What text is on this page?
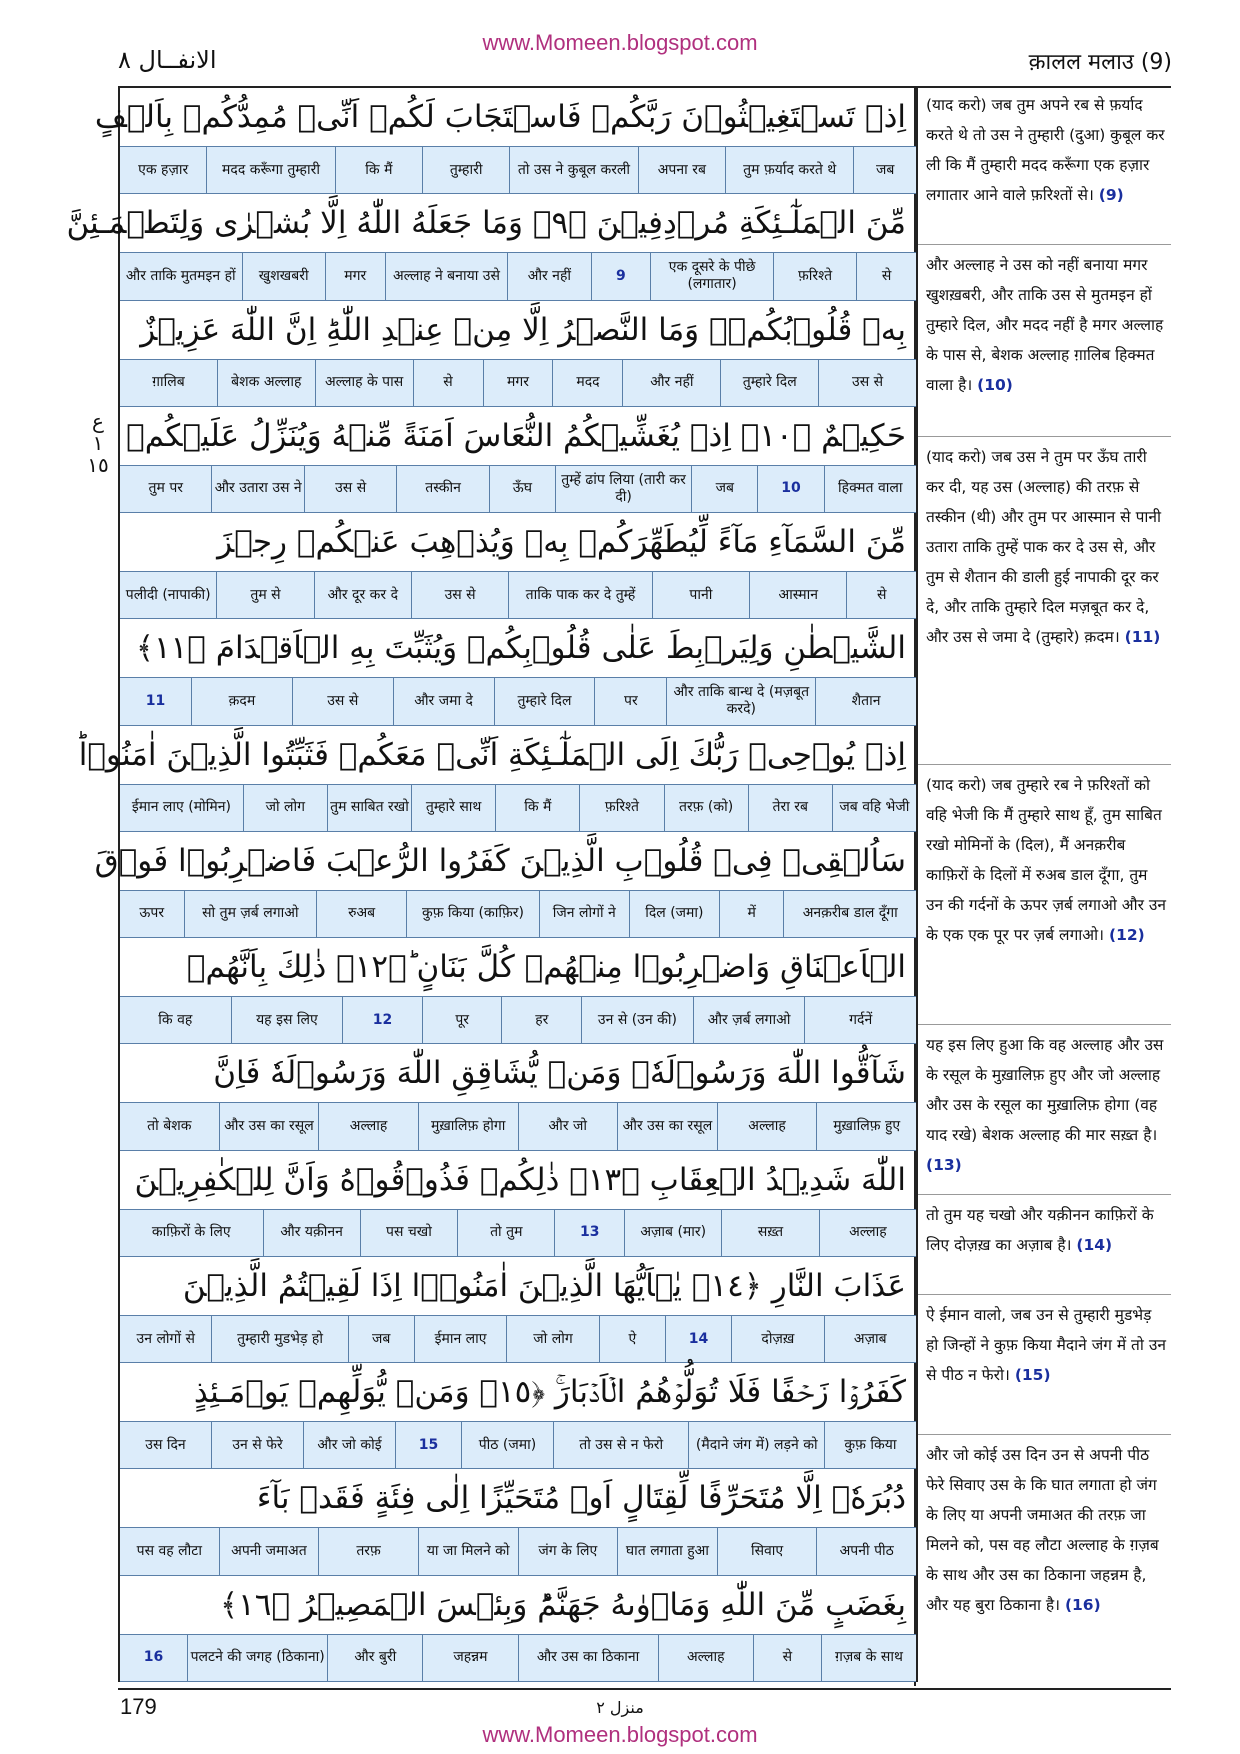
www.Momeen.blogspot.com
الانفــال ٨	क़ालल मलाउ (9)
ع ١ ١٥
اِذۡ تَسۡتَغِيۡثُوۡنَ رَبَّكُمۡ فَاسۡتَجَابَ لَكُمۡ اَنِّىۡ مُمِدُّكُمۡ بِاَلۡفٍ
जब
तुम फ़र्याद करते थे
अपना रब
तो उस ने कुबूल करली
तुम्हारी
कि मैं
मदद करूँगा तुम्हारी
एक हज़ार
مِّنَ الۡمَلٰٓـئِكَةِ مُرۡدِفِيۡنَ ﴿٩﴾ وَمَا جَعَلَهُ اللّٰهُ اِلَّا بُشۡرٰى وَلِتَطۡمَـئِنَّ
से
फ़रिश्ते
एक दूसरे के पीछे (लगातार)
9
और नहीं
अल्लाह ने बनाया उसे
मगर
खुशखबरी
और ताकि मुतमइन हों
بِهٖ قُلُوۡبُكُمۡ‌ۚ وَمَا النَّصۡرُ اِلَّا مِنۡ عِنۡدِ اللّٰهِ‌ؕ اِنَّ اللّٰهَ عَزِيۡزٌ
उस से
तुम्हारे दिल
और नहीं
मदद
मगर
से
अल्लाह के पास
बेशक अल्लाह
ग़ालिब
حَكِيۡمٌ ﴿١٠﴾ اِذۡ يُغَشِّيۡكُمُ النُّعَاسَ اَمَنَةً مِّنۡهُ وَيُنَزِّلُ عَلَيۡكُمۡ
हिक्मत वाला
10
जब
तुम्हें ढांप लिया (तारी कर दी)
ऊँघ
तस्कीन
उस से
और उतारा उस ने
तुम पर
مِّنَ السَّمَآءِ مَآءً لِّيُطَهِّرَكُمۡ بِهٖ وَيُذۡهِبَ عَنۡكُمۡ رِجۡزَ
से
आस्मान
पानी
ताकि पाक कर दे तुम्हें
उस से
और दूर कर दे
तुम से
पलीदी (नापाकी)
الشَّيۡطٰنِ وَلِيَرۡبِطَ عَلٰى قُلُوۡبِكُمۡ وَيُثَبِّتَ بِهِ الۡاَقۡدَامَ ﴿١١﴾
शैतान
और ताकि बान्ध दे (मज़बूत करदे)
पर
तुम्हारे दिल
और जमा दे
उस से
क़दम
11
اِذۡ يُوۡحِىۡ رَبُّكَ اِلَى الۡمَلٰٓـئِكَةِ اَنِّىۡ مَعَكُمۡ فَثَبِّتُوا الَّذِيۡنَ اٰمَنُوۡا‌ؕ
जब वहि भेजी
तेरा रब
तरफ़ (को)
फ़रिश्ते
कि मैं
तुम्हारे साथ
तुम साबित रखो
जो लोग
ईमान लाए (मोमिन)
سَاُلۡقِىۡ فِىۡ قُلُوۡبِ الَّذِيۡنَ كَفَرُوا الرُّعۡبَ فَاضۡرِبُوۡا فَوۡقَ
अनक़रीब डाल दूँगा
में
दिल (जमा)
जिन लोगों ने
कुफ़ किया (काफ़िर)
रुअब
सो तुम ज़र्ब लगाओ
ऊपर
الۡاَعۡنَاقِ وَاضۡرِبُوۡا مِنۡهُمۡ كُلَّ بَنَانٍ ؕ﴿١٢﴾ ذٰلِكَ بِاَنَّهُمۡ
गर्दनें
और ज़र्ब लगाओ
उन से (उन की)
हर
पूर
12
यह इस लिए
कि वह
شَآقُّوا اللّٰهَ وَرَسُوۡلَهٗ‌ۚ وَمَنۡ يُّشَاقِقِ اللّٰهَ وَرَسُوۡلَهٗ فَاِنَّ
मुख़ालिफ़ हुए
अल्लाह
और उस का रसूल
और जो
मुख़ालिफ़ होगा
अल्लाह
और उस का रसूल
तो बेशक
اللّٰهَ شَدِيۡدُ الۡعِقَابِ ﴿١٣﴾ ذٰلِكُمۡ فَذُوۡقُوۡهُ وَاَنَّ لِلۡكٰفِرِيۡنَ
अल्लाह
सख़्त
अज़ाब (मार)
13
तो तुम
पस चखो
और यक़ीनन
काफ़िरों के लिए
عَذَابَ النَّارِ ﴿١٤﴾ يٰۤاَيُّهَا الَّذِيۡنَ اٰمَنُوۡۤا اِذَا لَقِيۡتُمُ الَّذِيۡنَ
अज़ाब
दोज़ख़
14
ऐ
जो लोग
ईमान लाए
जब
तुम्हारी मुडभेड़ हो
उन लोगों से
كَفَرُوۡا زَحۡفًا فَلَا تُوَلُّوۡهُمُ الۡاَدۡبَارَ‌ۚ ﴿١٥﴾ وَمَنۡ يُّوَلِّهِمۡ يَوۡمَـئِذٍ
कुफ़ किया
(मैदाने जंग में) लड़ने को
तो उस से न फेरो
पीठ (जमा)
15
और जो कोई
उन से फेरे
उस दिन
دُبُرَهٗۤ اِلَّا مُتَحَرِّفًا لِّقِتَالٍ اَوۡ مُتَحَيِّزًا اِلٰى فِئَةٍ فَقَدۡ بَآءَ
अपनी पीठ
सिवाए
घात लगाता हुआ
जंग के लिए
या जा मिलने को
तरफ़
अपनी जमाअत
पस वह लौटा
بِغَضَبٍ مِّنَ اللّٰهِ وَمَاۡوٰٮهُ جَهَنَّمُ‌ؕ وَبِئۡسَ الۡمَصِيۡرُ ﴿١٦﴾
ग़ज़ब के साथ
से
अल्लाह
और उस का ठिकाना
जहन्नम
और बुरी
पलटने की जगह (ठिकाना)
16
(याद करो) जब तुम अपने रब से फ़र्याद करते थे तो उस ने तुम्हारी (दुआ) कुबूल कर ली कि मैं तुम्हारी मदद करूँगा एक हज़ार लगातार आने वाले फ़रिश्तों से। (9)
और अल्लाह ने उस को नहीं बनाया मगर खुशख़बरी, और ताकि उस से मुतमइन हों तुम्हारे दिल, और मदद नहीं है मगर अल्लाह के पास से, बेशक अल्लाह ग़ालिब हिक्मत वाला है। (10)
(याद करो) जब उस ने तुम पर ऊँघ तारी कर दी, यह उस (अल्लाह) की तरफ़ से तस्कीन (थी) और तुम पर आस्मान से पानी उतारा ताकि तुम्हें पाक कर दे उस से, और तुम से शैतान की डाली हुई नापाकी दूर कर दे, और ताकि तुम्हारे दिल मज़बूत कर दे, और उस से जमा दे (तुम्हारे) क़दम। (11)
(याद करो) जब तुम्हारे रब ने फ़रिश्तों को वहि भेजी कि मैं तुम्हारे साथ हूँ, तुम साबित रखो मोमिनों के (दिल), मैं अनक़रीब काफ़िरों के दिलों में रुअब डाल दूँगा, तुम उन की गर्दनों के ऊपर ज़र्ब लगाओ और उन के एक एक पूर पर ज़र्ब लगाओ। (12)
यह इस लिए हुआ कि वह अल्लाह और उस के रसूल के मुख़ालिफ़ हुए और जो अल्लाह और उस के रसूल का मुख़ालिफ़ होगा (वह याद रखे) बेशक अल्लाह की मार सख़्त है। (13)
तो तुम यह चखो और यक़ीनन काफ़िरों के लिए दोज़ख़ का अज़ाब है। (14)
ऐ ईमान वालो, जब उन से तुम्हारी मुडभेड़ हो जिन्हों ने कुफ़ किया मैदाने जंग में तो उन से पीठ न फेरो। (15)
और जो कोई उस दिन उन से अपनी पीठ फेरे सिवाए उस के कि घात लगाता हो जंग के लिए या अपनी जमाअत की तरफ़ जा मिलने को, पस वह लौटा अल्लाह के ग़ज़ब के साथ और उस का ठिकाना जहन्नम है, और यह बुरा ठिकाना है। (16)
179	منزل ٢
www.Momeen.blogspot.com
